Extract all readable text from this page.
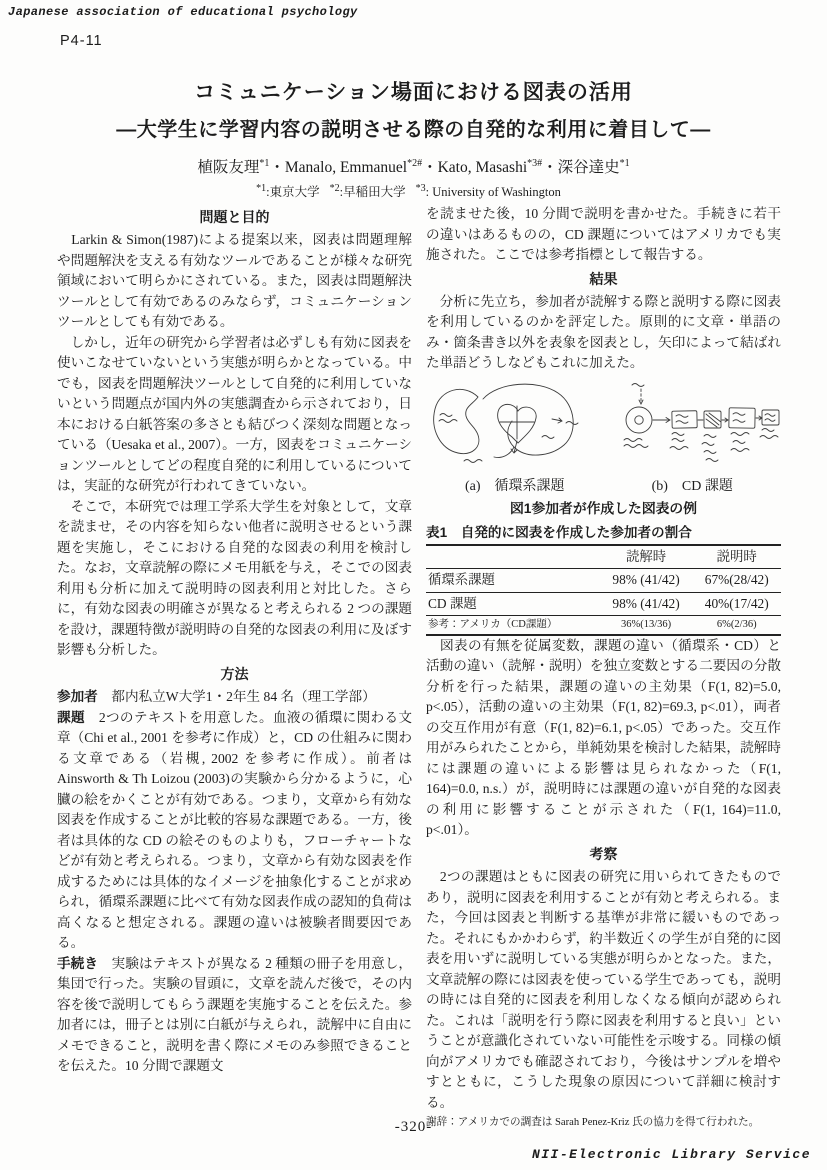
Japanese association of educational psychology
P4-11
コミュニケーション場面における図表の活用
―大学生に学習内容の説明させる際の自発的な利用に着目して―
植阪友理$^{*1}$・Manalo, Emmanuel$^{*2\#}$・Kato, Masashi$^{*3\#}$・深谷達史$^{*1}$
$^{*1}$:東京大学 $^{*2}$:早稲田大学 $^{*3}$: University of Washington
問題と目的

　Larkin & Simon(1987)による提案以来，図表は問題理解や問題解決を支える有効なツールであることが様々な研究領域において明らかにされている。また，図表は問題解決ツールとして有効であるのみならず，コミュニケーションツールとしても有効である。

　しかし，近年の研究から学習者は必ずしも有効に図表を使いこなせていないという実態が明らかとなっている。中でも，図表を問題解決ツールとして自発的に利用していないという問題点が国内外の実態調査から示されており，日本における白紙答案の多さとも結びつく深刻な問題となっている（Uesaka et al., 2007）。一方，図表をコミュニケーションツールとしてどの程度自発的に利用しているについては，実証的な研究が行われてきていない。

　そこで，本研究では理工学系大学生を対象として，文章を読ませ，その内容を知らない他者に説明させるという課題を実施し，そこにおける自発的な図表の利用を検討した。なお，文章読解の際にメモ用紙を与え，そこでの図表利用も分析に加えて説明時の図表利用と対比した。さらに，有効な図表の明確さが異なると考えられる 2 つの課題を設け，課題特徴が説明時の自発的な図表の利用に及ぼす影響も分析した。

方法

参加者　都内私立W大学1・2年生 84 名（理工学部）

課題　2つのテキストを用意した。血液の循環に関わる文章（Chi et al., 2001 を参考に作成）と，CD の仕組みに関わる文章である（岩槻, 2002 を参考に作成）。前者は Ainsworth & Th Loizou (2003)の実験から分かるように，心臓の絵をかくことが有効である。つまり，文章から有効な図表を作成することが比較的容易な課題である。一方，後者は具体的な CD の絵そのものよりも，フローチャートなどが有効と考えられる。つまり，文章から有効な図表を作成するためには具体的なイメージを抽象化することが求められ，循環系課題に比べて有効な図表作成の認知的負荷は高くなると想定される。課題の違いは被験者間要因である。

手続き　実験はテキストが異なる 2 種類の冊子を用意し，集団で行った。実験の冒頭に，文章を読んだ後で，その内容を後で説明してもらう課題を実施することを伝えた。参加者には，冊子とは別に白紙が与えられ，読解中に自由にメモできること，説明を書く際にメモのみ参照できることを伝えた。10 分間で課題文

を読ませた後，10 分間で説明を書かせた。手続きに若干の違いはあるものの，CD 課題についてはアメリカでも実施された。ここでは参考指標として報告する。

結果

　分析に先立ち，参加者が読解する際と説明する際に図表を利用しているのかを評定した。原則的に文章・単語のみ・箇条書き以外を表象を図表とし，矢印によって結ばれた単語どうしなどもこれに加えた。

(a)　循環系課題	(b)　CD 課題
図1参加者が作成した図表の例
表1　自発的に図表を作成した参加者の割合
	読解時	説明時
循環系課題	98% (41/42)	67%(28/42)
CD 課題	98% (41/42)	40%(17/42)
参考：アメリカ（CD課題）	36%(13/36)	6%(2/36)

　図表の有無を従属変数，課題の違い（循環系・CD）と活動の違い（読解・説明）を独立変数とする二要因の分散分析を行った結果，課題の違いの主効果（F(1, 82)=5.0, p<.05），活動の違いの主効果（F(1, 82)=69.3, p<.01），両者の交互作用が有意（F(1, 82)=6.1, p<.05）であった。交互作用がみられたことから，単純効果を検討した結果，読解時には課題の違いによる影響は見られなかった（F(1, 164)=0.0, n.s.）が，説明時には課題の違いが自発的な図表の利用に影響することが示された（F(1, 164)=11.0, p<.01）。

考察

　2つの課題はともに図表の研究に用いられてきたものであり，説明に図表を利用することが有効と考えられる。また，今回は図表と判断する基準が非常に緩いものであった。それにもかかわらず，約半数近くの学生が自発的に図表を用いずに説明している実態が明らかとなった。また，文章読解の際には図表を使っている学生であっても，説明の時には自発的に図表を利用しなくなる傾向が認められた。これは「説明を行う際に図表を利用すると良い」ということが意識化されていない可能性を示唆する。同様の傾向がアメリカでも確認されており，今後はサンプルを増やすとともに，こうした現象の原因について詳細に検討する。

謝辞：アメリカでの調査は Sarah Penez-Kriz 氏の協力を得て行われた。
-320-
NII-Electronic Library Service
